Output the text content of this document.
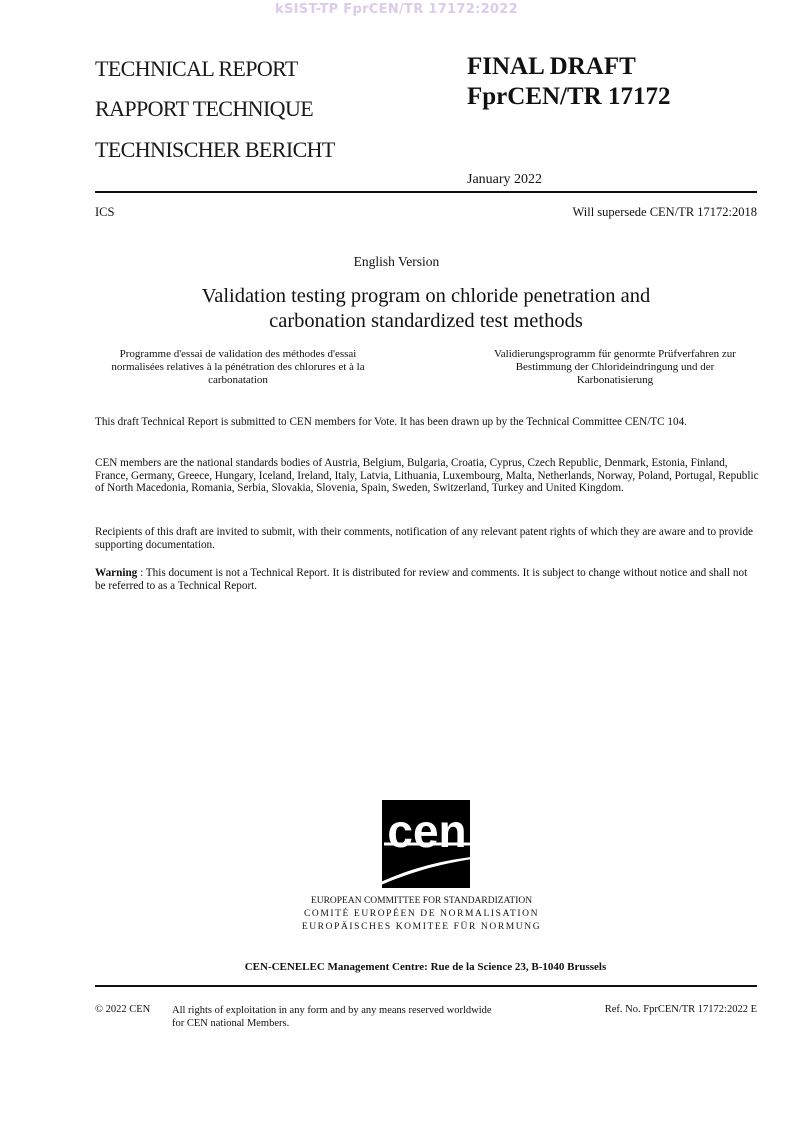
kSIST-TP FprCEN/TR 17172:2022
TECHNICAL REPORT
RAPPORT TECHNIQUE
TECHNISCHER BERICHT
FINAL DRAFT
FprCEN/TR 17172
January 2022
ICS	Will supersede CEN/TR 17172:2018
English Version
Validation testing program on chloride penetration and
carbonation standardized test methods
Programme d'essai de validation des méthodes d'essai normalisées relatives à la pénétration des chlorures et à la carbonatation
Validierungsprogramm für genormte Prüfverfahren zur Bestimmung der Chlorideindringung und der Karbonatisierung
This draft Technical Report is submitted to CEN members for Vote. It has been drawn up by the Technical Committee CEN/TC 104.
CEN members are the national standards bodies of Austria, Belgium, Bulgaria, Croatia, Cyprus, Czech Republic, Denmark, Estonia, Finland, France, Germany, Greece, Hungary, Iceland, Ireland, Italy, Latvia, Lithuania, Luxembourg, Malta, Netherlands, Norway, Poland, Portugal, Republic of North Macedonia, Romania, Serbia, Slovakia, Slovenia, Spain, Sweden, Switzerland, Turkey and United Kingdom.
Recipients of this draft are invited to submit, with their comments, notification of any relevant patent rights of which they are aware and to provide supporting documentation.
Warning : This document is not a Technical Report. It is distributed for review and comments. It is subject to change without notice and shall not be referred to as a Technical Report.
cen
EUROPEAN COMMITTEE FOR STANDARDIZATION
COMITÉ EUROPÉEN DE NORMALISATION
EUROPÄISCHES KOMITEE FÜR NORMUNG
CEN-CENELEC Management Centre: Rue de la Science 23, B-1040 Brussels
© 2022 CEN All rights of exploitation in any form and by any means reserved worldwide for CEN national Members.
Ref. No. FprCEN/TR 17172:2022 E
